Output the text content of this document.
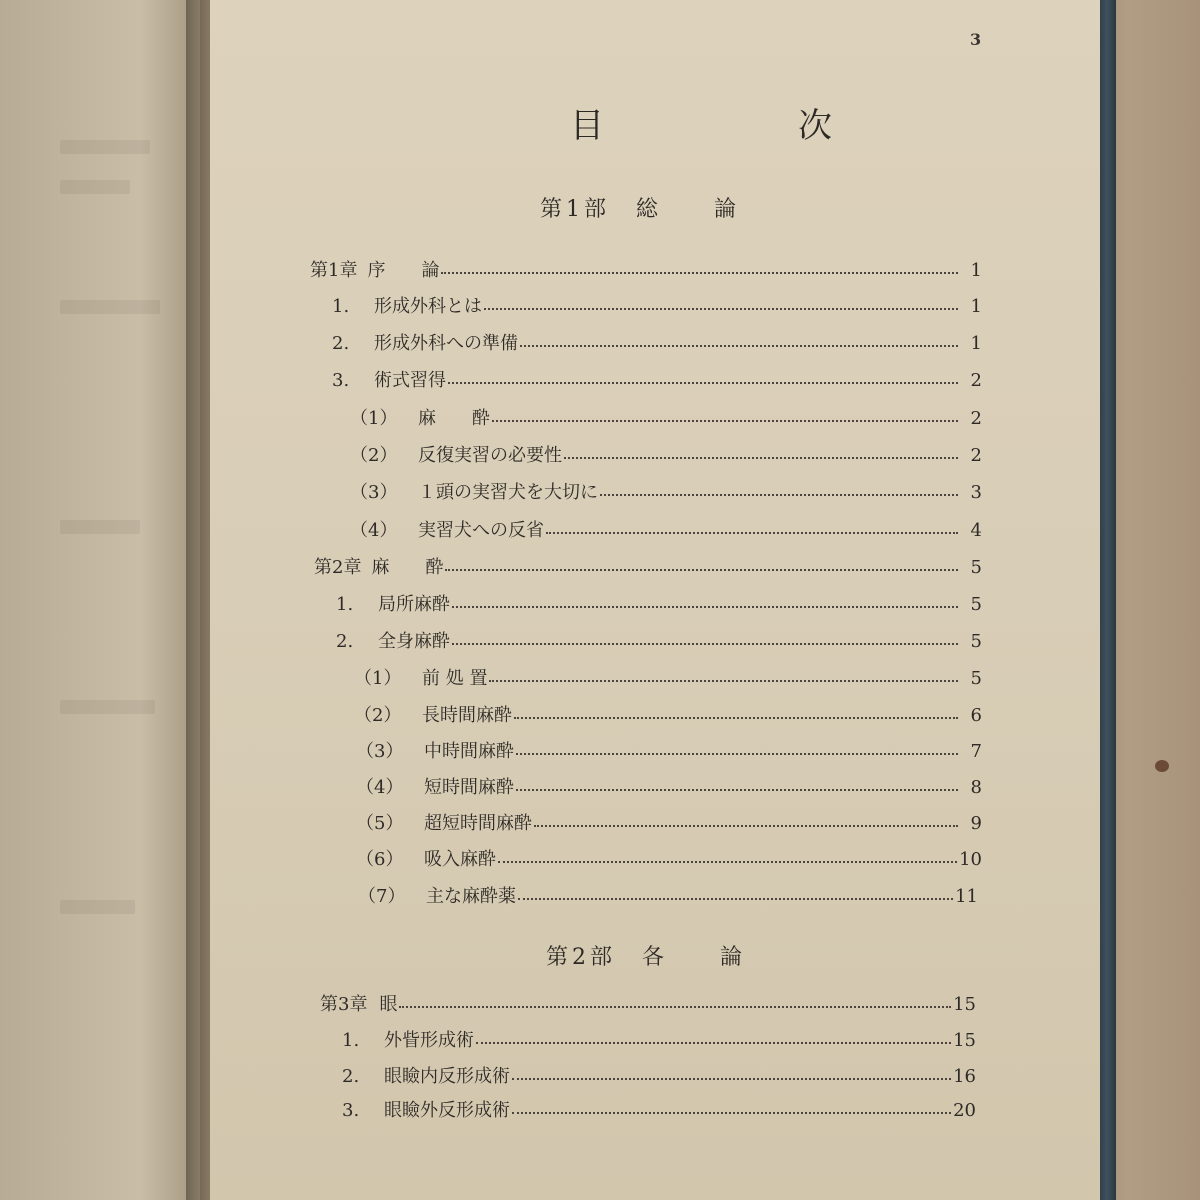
3
目　次
第1部　総　　論
第1章 序　　論	1
1.	形成外科とは	1
2.	形成外科への準備	1
3.	術式習得	2
（1）	麻　　酔	2
（2）	反復実習の必要性	2
（3）	１頭の実習犬を大切に	3
（4）	実習犬への反省	4
第2章 麻　　酔	5
1.	局所麻酔	5
2.	全身麻酔	5
（1）	前 処 置	5
（2）	長時間麻酔	6
（3）	中時間麻酔	7
（4）	短時間麻酔	8
（5）	超短時間麻酔	9
（6）	吸入麻酔	10
（7）	主な麻酔薬	11
第2部　各　　論
第3章 眼	15
1.	外眥形成術	15
2.	眼瞼内反形成術	16
3.	眼瞼外反形成術	20
